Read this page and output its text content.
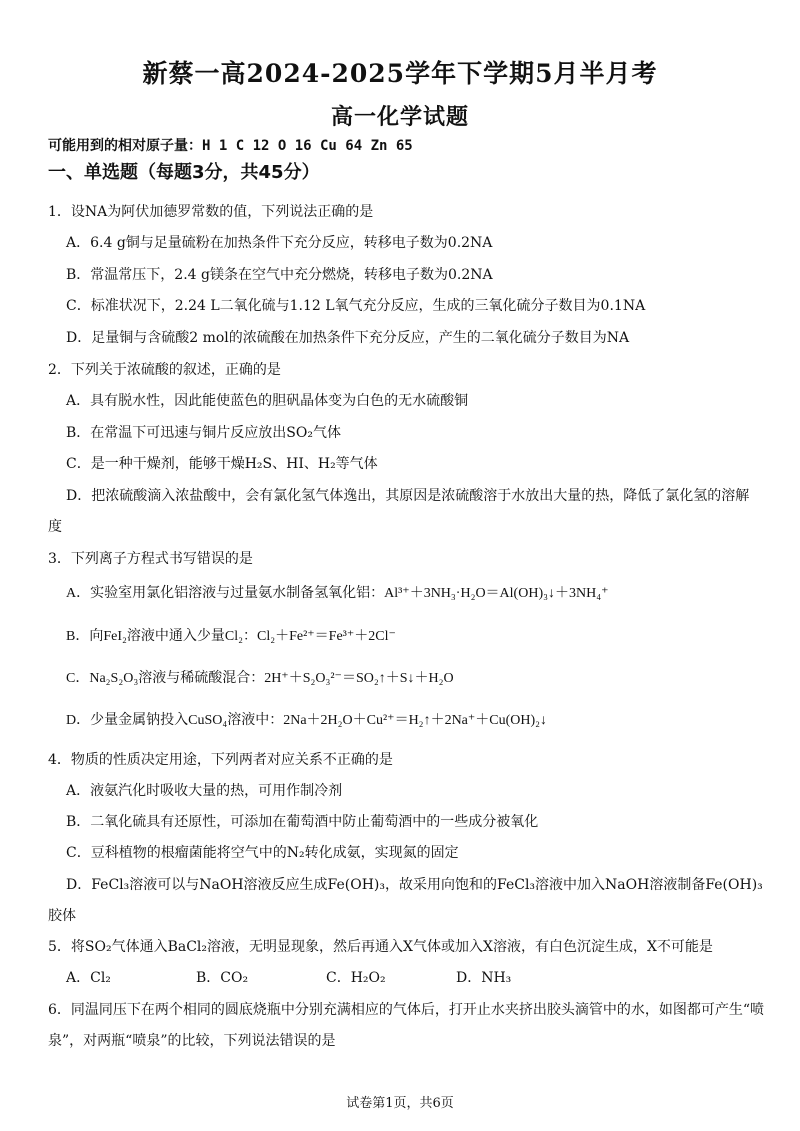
新蔡一高2024-2025学年下学期5月半月考
高一化学试题
可能用到的相对原子量：H 1 C 12 O 16 Cu 64 Zn 65
一、单选题（每题3分，共45分）
1．设NA为阿伏加德罗常数的值，下列说法正确的是
A．6.4 g铜与足量硫粉在加热条件下充分反应，转移电子数为0.2NA
B．常温常压下，2.4 g镁条在空气中充分燃烧，转移电子数为0.2NA
C．标准状况下，2.24 L二氧化硫与1.12 L氧气充分反应，生成的三氧化硫分子数目为0.1NA
D．足量铜与含硫酸2 mol的浓硫酸在加热条件下充分反应，产生的二氧化硫分子数目为NA
2．下列关于浓硫酸的叙述，正确的是
A．具有脱水性，因此能使蓝色的胆矾晶体变为白色的无水硫酸铜
B．在常温下可迅速与铜片反应放出SO₂气体
C．是一种干燥剂，能够干燥H₂S、HI、H₂等气体
D．把浓硫酸滴入浓盐酸中，会有氯化氢气体逸出，其原因是浓硫酸溶于水放出大量的热，降低了氯化氢的溶解
度
3．下列离子方程式书写错误的是
A．实验室用氯化铝溶液与过量氨水制备氢氧化铝：Al³⁺＋3NH₃·H₂O＝Al(OH)₃↓＋3NH₄⁺
B．向FeI₂溶液中通入少量Cl₂：Cl₂＋Fe²⁺＝Fe³⁺＋2Cl⁻
C．Na₂S₂O₃溶液与稀硫酸混合：2H⁺＋S₂O₃²⁻＝SO₂↑＋S↓＋H₂O
D．少量金属钠投入CuSO₄溶液中：2Na＋2H₂O＋Cu²⁺＝H₂↑＋2Na⁺＋Cu(OH)₂↓
4．物质的性质决定用途，下列两者对应关系不正确的是
A．液氨汽化时吸收大量的热，可用作制冷剂
B．二氧化硫具有还原性，可添加在葡萄酒中防止葡萄酒中的一些成分被氧化
C．豆科植物的根瘤菌能将空气中的N₂转化成氨，实现氮的固定
D．FeCl₃溶液可以与NaOH溶液反应生成Fe(OH)₃，故采用向饱和的FeCl₃溶液中加入NaOH溶液制备Fe(OH)₃
胶体
5．将SO₂气体通入BaCl₂溶液，无明显现象，然后再通入X气体或加入X溶液，有白色沉淀生成，X不可能是
A．Cl₂	B．CO₂	C．H₂O₂	D．NH₃
6．同温同压下在两个相同的圆底烧瓶中分别充满相应的气体后，打开止水夹挤出胶头滴管中的水，如图都可产生“喷
泉”，对两瓶“喷泉”的比较，下列说法错误的是
试卷第1页，共6页
